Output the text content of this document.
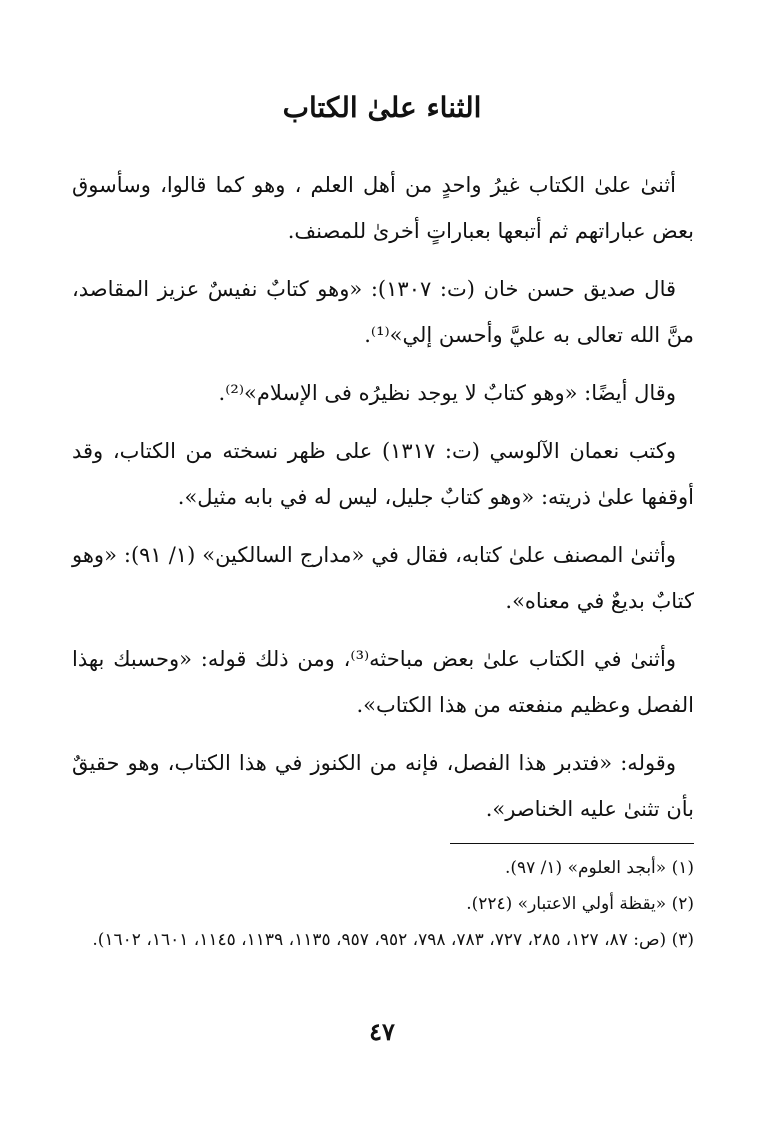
الثناء علىٰ الكتاب

أثنىٰ علىٰ الكتاب غيرُ واحدٍ من أهل العلم ، وهو كما قالوا، وسأسوق بعض عباراتهم ثم أتبعها بعباراتٍ أخرىٰ للمصنف.

قال صديق حسن خان (ت: ١٣٠٧): «وهو كتابٌ نفيسٌ عزيز المقاصد، منَّ الله تعالى به عليَّ وأحسن إلي»⁽¹⁾.

وقال أيضًا: «وهو كتابٌ لا يوجد نظيرُه فى الإسلام»⁽²⁾.

وكتب نعمان الآلوسي (ت: ١٣١٧) على ظهر نسخته من الكتاب، وقد أوقفها علىٰ ذريته: «وهو كتابٌ جليل، ليس له في بابه مثيل».

وأثنىٰ المصنف علىٰ كتابه، فقال في «مدارج السالكين» (١/ ٩١): «وهو كتابٌ بديعٌ في معناه».

وأثنىٰ في الكتاب علىٰ بعض مباحثه⁽³⁾، ومن ذلك قوله: «وحسبك بهذا الفصل وعظيم منفعته من هذا الكتاب».

وقوله: «فتدبر هذا الفصل، فإنه من الكنوز في هذا الكتاب، وهو حقيقٌ بأن تثنىٰ عليه الخناصر».

(١) «أبجد العلوم» (١/ ٩٧).

(٢) «يقظة أولي الاعتبار» (٢٢٤).

(٣) (ص: ٨٧، ١٢٧، ٢٨٥، ٧٢٧، ٧٨٣، ٧٩٨، ٩٥٢، ٩٥٧، ١١٣٥، ١١٣٩، ١١٤٥، ١٦٠١، ١٦٠٢).

٤٧
